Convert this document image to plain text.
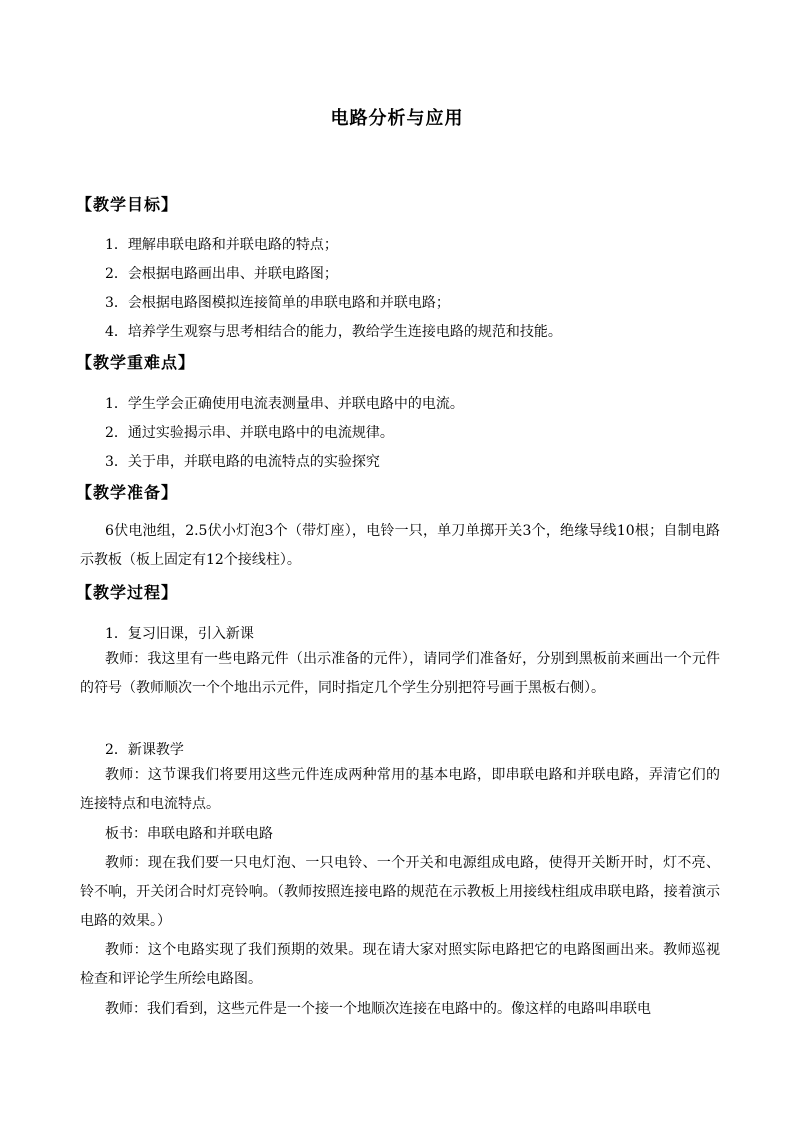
电路分析与应用
【教学目标】
1．理解串联电路和并联电路的特点；
2．会根据电路画出串、并联电路图；
3．会根据电路图模拟连接简单的串联电路和并联电路；
4．培养学生观察与思考相结合的能力，教给学生连接电路的规范和技能。
【教学重难点】
1．学生学会正确使用电流表测量串、并联电路中的电流。
2．通过实验揭示串、并联电路中的电流规律。
3．关于串，并联电路的电流特点的实验探究
【教学准备】
6伏电池组，2.5伏小灯泡3个（带灯座），电铃一只，单刀单掷开关3个，绝缘导线10根；自制电路示教板（板上固定有12个接线柱）。
【教学过程】
1．复习旧课，引入新课
教师：我这里有一些电路元件（出示准备的元件），请同学们准备好，分别到黑板前来画出一个元件的符号（教师顺次一个个地出示元件，同时指定几个学生分别把符号画于黑板右侧）。
2．新课教学
教师：这节课我们将要用这些元件连成两种常用的基本电路，即串联电路和并联电路，弄清它们的连接特点和电流特点。
板书：串联电路和并联电路
教师：现在我们要一只电灯泡、一只电铃、一个开关和电源组成电路，使得开关断开时，灯不亮、铃不响，开关闭合时灯亮铃响。（教师按照连接电路的规范在示教板上用接线柱组成串联电路，接着演示电路的效果。）
教师：这个电路实现了我们预期的效果。现在请大家对照实际电路把它的电路图画出来。教师巡视检查和评论学生所绘电路图。
教师：我们看到，这些元件是一个接一个地顺次连接在电路中的。像这样的电路叫串联电
